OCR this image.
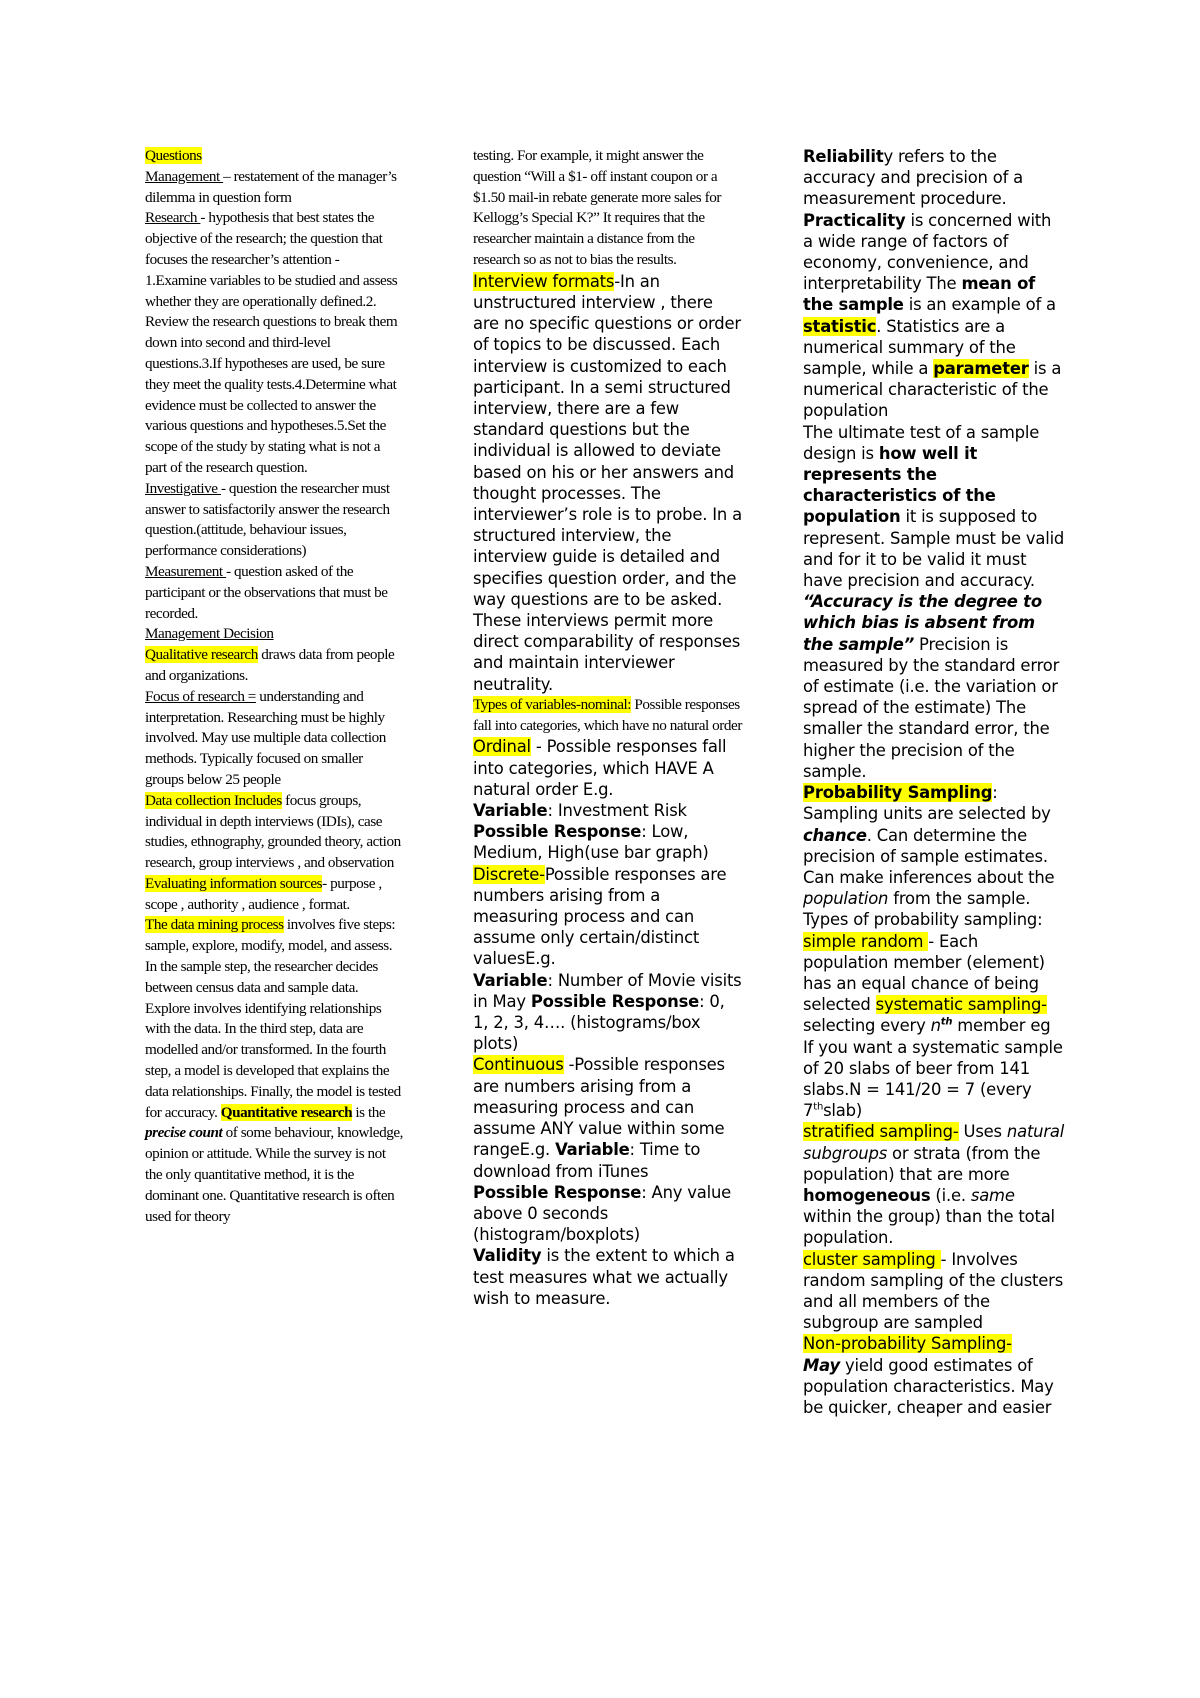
Questions

Management – restatement of the manager’s dilemma in question form

Research - hypothesis that best states the objective of the research; the question that focuses the researcher’s attention - 1.Examine variables to be studied and assess whether they are operationally defined.2. Review the research questions to break them down into second and third-level questions.3.If hypotheses are used, be sure they meet the quality tests.4.Determine what evidence must be collected to answer the various questions and hypotheses.5.Set the scope of the study by stating what is not a part of the research question.

Investigative - question the researcher must answer to satisfactorily answer the research question.(attitude, behaviour issues, performance considerations)

Measurement - question asked of the participant or the observations that must be recorded.

Management Decision

Qualitative research draws data from people and organizations.

Focus of research = understanding and interpretation. Researching must be highly involved. May use multiple data collection methods. Typically focused on smaller groups below 25 people

Data collection Includes focus groups, individual in depth interviews (IDIs), case studies, ethnography, grounded theory, action research, group interviews , and observation

Evaluating information sources- purpose , scope , authority , audience , format.

The data mining process involves five steps: sample, explore, modify, model, and assess. In the sample step, the researcher decides between census data and sample data. Explore involves identifying relationships with the data. In the third step, data are modelled and/or transformed. In the fourth step, a model is developed that explains the data relationships. Finally, the model is tested for accuracy. Quantitative research is the precise count of some behaviour, knowledge, opinion or attitude. While the survey is not the only quantitative method, it is the dominant one. Quantitative research is often used for theory

testing. For example, it might answer the question “Will a $1- off instant coupon or a $1.50 mail-in rebate generate more sales for Kellogg’s Special K?” It requires that the researcher maintain a distance from the research so as not to bias the results.

Interview formats-In an unstructured interview , there are no specific questions or order of topics to be discussed. Each interview is customized to each participant. In a semi structured interview, there are a few standard questions but the individual is allowed to deviate based on his or her answers and thought processes. The interviewer’s role is to probe. In a structured interview, the interview guide is detailed and specifies question order, and the way questions are to be asked. These interviews permit more direct comparability of responses and maintain interviewer neutrality.

Types of variables-nominal: Possible responses fall into categories, which have no natural order

Ordinal - Possible responses fall into categories, which HAVE A natural order E.g.
Variable: Investment Risk
Possible Response: Low, Medium, High(use bar graph)

Discrete-Possible responses are numbers arising from a measuring process and can assume only certain/distinct valuesE.g.
Variable: Number of Movie visits in May Possible Response: 0, 1, 2, 3, 4…. (histograms/box plots)

Continuous -Possible responses are numbers arising from a measuring process and can assume ANY value within some rangeE.g. Variable: Time to download from iTunes
Possible Response: Any value above 0 seconds (histogram/boxplots)

Validity is the extent to which a test measures what we actually wish to measure.

Reliability refers to the accuracy and precision of a measurement procedure.

Practicality is concerned with a wide range of factors of economy, convenience, and interpretability The mean of the sample is an example of a statistic. Statistics are a numerical summary of the sample, while a parameter is a numerical characteristic of the population

The ultimate test of a sample design is how well it represents the characteristics of the population it is supposed to represent. Sample must be valid and for it to be valid it must have precision and accuracy. “Accuracy is the degree to which bias is absent from the sample” Precision is measured by the standard error of estimate (i.e. the variation or spread of the estimate) The smaller the standard error, the higher the precision of the sample.

Probability Sampling: Sampling units are selected by chance. Can determine the precision of sample estimates. Can make inferences about the population from the sample.

Types of probability sampling: simple random - Each population member (element) has an equal chance of being selected systematic sampling- selecting every $n^{th}$ member eg If you want a systematic sample of 20 slabs of beer from 141 slabs.N = 141/20 = 7 (every 7thslab)

stratified sampling- Uses natural subgroups or strata (from the population) that are more homogeneous (i.e. same within the group) than the total population.

cluster sampling - Involves random sampling of the clusters and all members of the subgroup are sampled

Non-probability Sampling-
May yield good estimates of population characteristics. May be quicker, cheaper and easier
